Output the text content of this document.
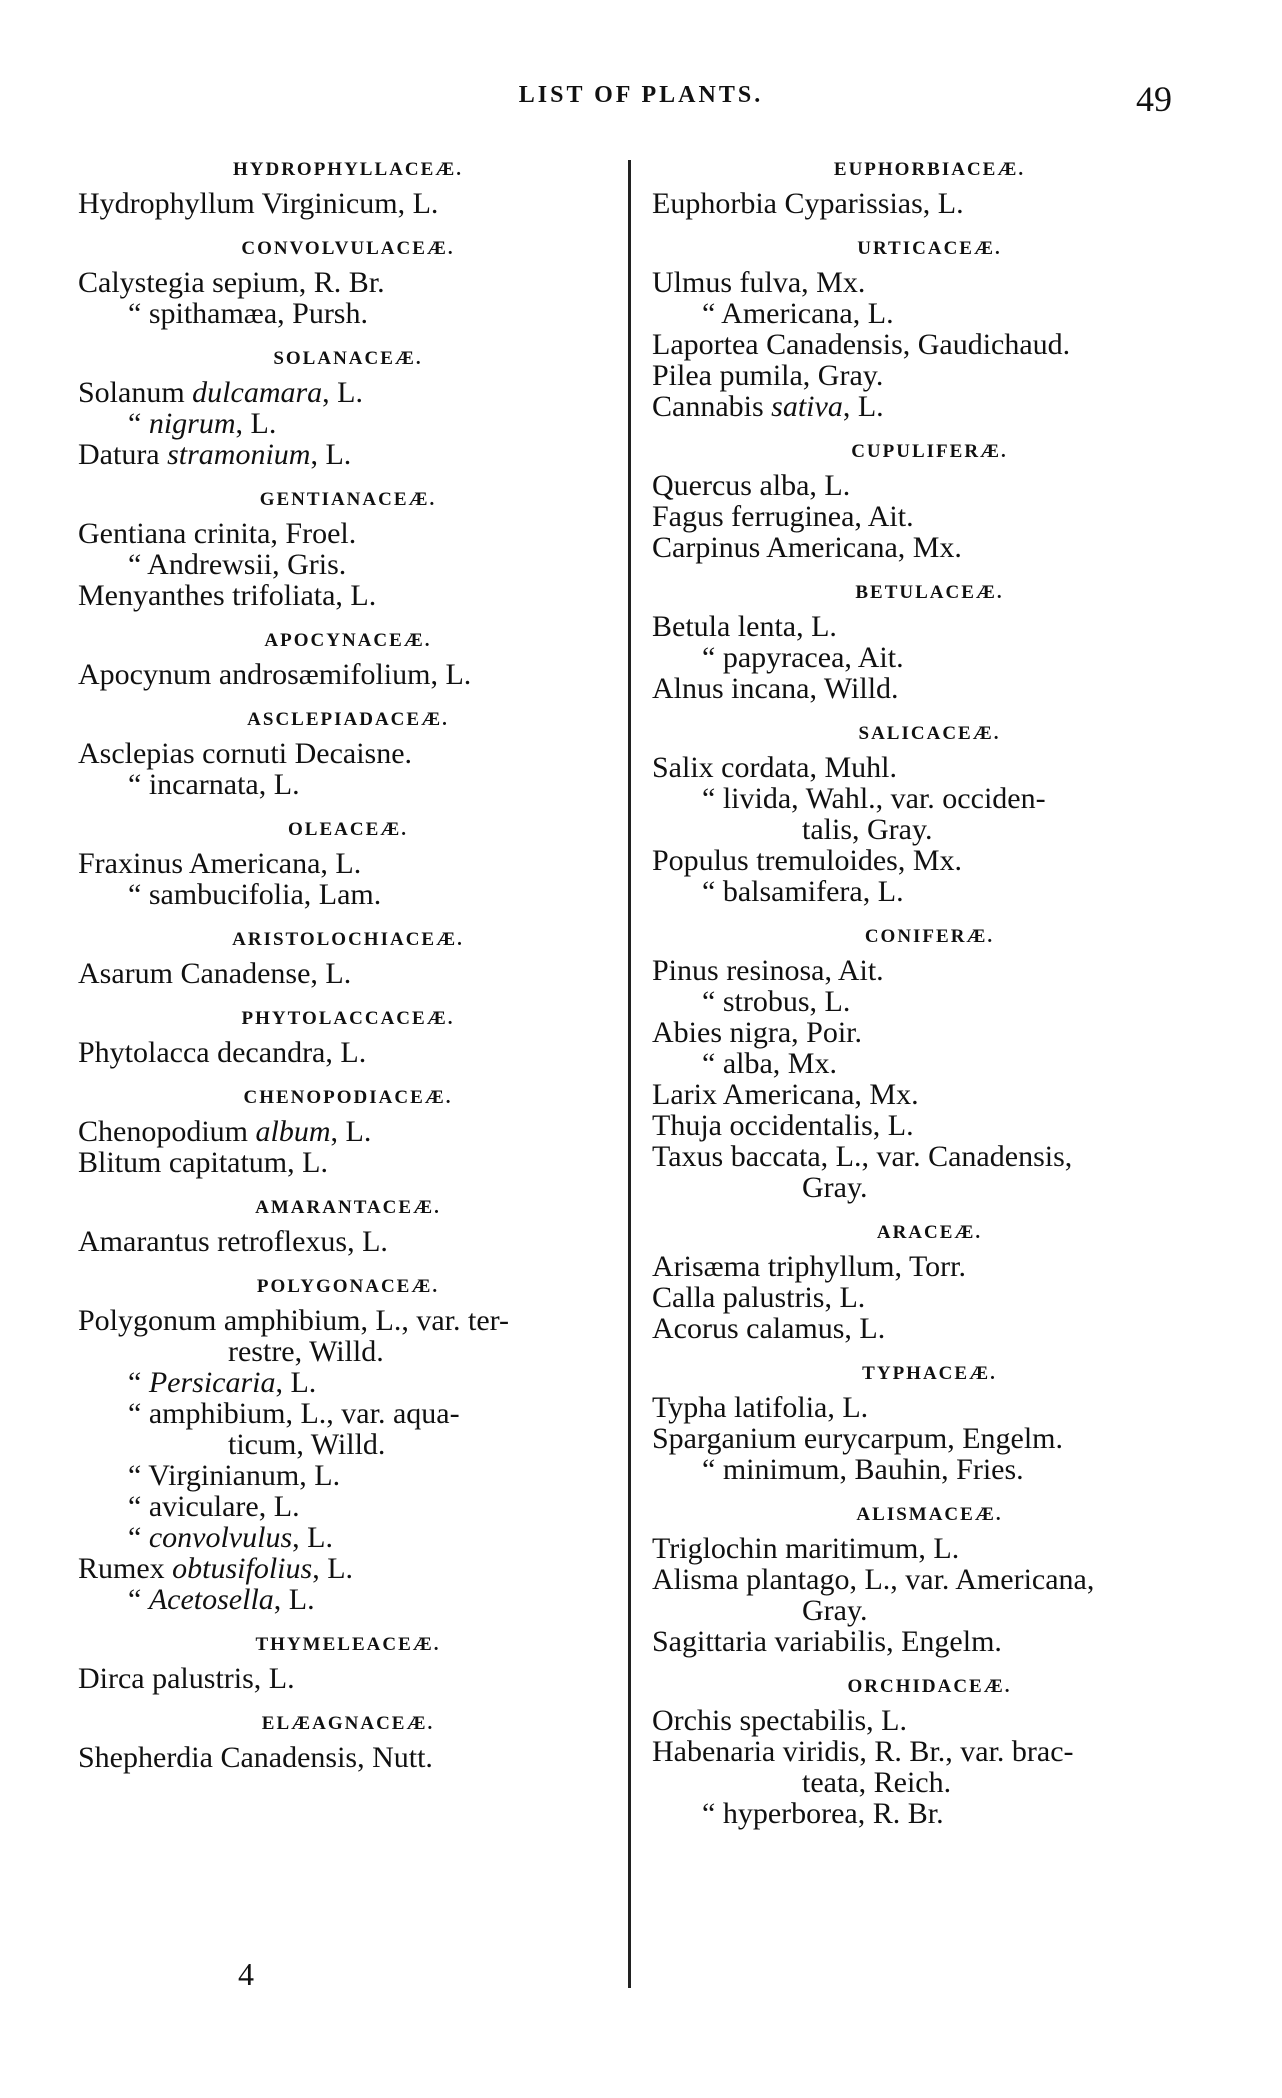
LIST OF PLANTS.	49
HYDROPHYLLACEÆ.
Hydrophyllum Virginicum, L.
CONVOLVULACEÆ.
Calystegia sepium, R. Br.
“ spithamæa, Pursh.
SOLANACEÆ.
Solanum dulcamara, L.
“ nigrum, L.
Datura stramonium, L.
GENTIANACEÆ.
Gentiana crinita, Froel.
“ Andrewsii, Gris.
Menyanthes trifoliata, L.
APOCYNACEÆ.
Apocynum androsæmifolium, L.
ASCLEPIADACEÆ.
Asclepias cornuti Decaisne.
“ incarnata, L.
OLEACEÆ.
Fraxinus Americana, L.
“ sambucifolia, Lam.
ARISTOLOCHIACEÆ.
Asarum Canadense, L.
PHYTOLACCACEÆ.
Phytolacca decandra, L.
CHENOPODIACEÆ.
Chenopodium album, L.
Blitum capitatum, L.
AMARANTACEÆ.
Amarantus retroflexus, L.
POLYGONACEÆ.
Polygonum amphibium, L., var. ter-
restre, Willd.
“ Persicaria, L.
“ amphibium, L., var. aqua-
ticum, Willd.
“ Virginianum, L.
“ aviculare, L.
“ convolvulus, L.
Rumex obtusifolius, L.
“ Acetosella, L.
THYMELEACEÆ.
Dirca palustris, L.
ELÆAGNACEÆ.
Shepherdia Canadensis, Nutt.
EUPHORBIACEÆ.
Euphorbia Cyparissias, L.
URTICACEÆ.
Ulmus fulva, Mx.
“ Americana, L.
Laportea Canadensis, Gaudichaud.
Pilea pumila, Gray.
Cannabis sativa, L.
CUPULIFERÆ.
Quercus alba, L.
Fagus ferruginea, Ait.
Carpinus Americana, Mx.
BETULACEÆ.
Betula lenta, L.
“ papyracea, Ait.
Alnus incana, Willd.
SALICACEÆ.
Salix cordata, Muhl.
“ livida, Wahl., var. occiden-
talis, Gray.
Populus tremuloides, Mx.
“ balsamifera, L.
CONIFERÆ.
Pinus resinosa, Ait.
“ strobus, L.
Abies nigra, Poir.
“ alba, Mx.
Larix Americana, Mx.
Thuja occidentalis, L.
Taxus baccata, L., var. Canadensis,
Gray.
ARACEÆ.
Arisæma triphyllum, Torr.
Calla palustris, L.
Acorus calamus, L.
TYPHACEÆ.
Typha latifolia, L.
Sparganium eurycarpum, Engelm.
“ minimum, Bauhin, Fries.
ALISMACEÆ.
Triglochin maritimum, L.
Alisma plantago, L., var. Americana,
Gray.
Sagittaria variabilis, Engelm.
ORCHIDACEÆ.
Orchis spectabilis, L.
Habenaria viridis, R. Br., var. brac-
teata, Reich.
“ hyperborea, R. Br.
4
